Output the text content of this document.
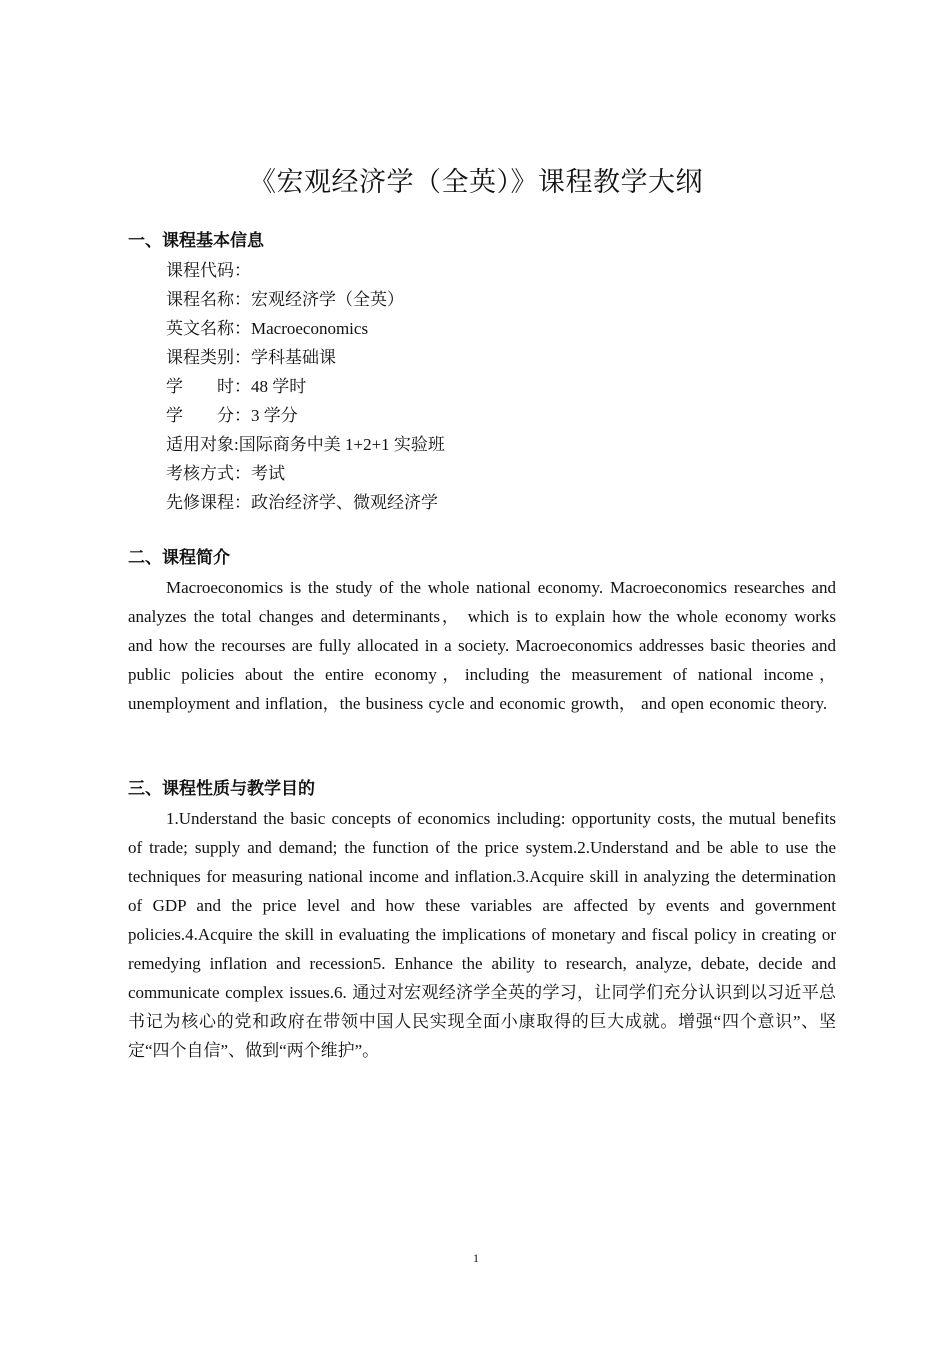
《宏观经济学（全英）》课程教学大纲
一、课程基本信息
课程代码：
课程名称：宏观经济学（全英）
英文名称：Macroeconomics
课程类别：学科基础课
学　　时：48 学时
学　　分：3 学分
适用对象:国际商务中美 1+2+1 实验班
考核方式：考试
先修课程：政治经济学、微观经济学
二、课程简介

Macroeconomics is the study of the whole national economy. Macroeconomics researches and analyzes the total changes and determinants， which is to explain how the whole economy works and how the recourses are fully allocated in a society. Macroeconomics addresses basic theories and public policies about the entire economy，including the measurement of national income，unemployment and inflation，the business cycle and economic growth， and open economic theory.

三、课程性质与教学目的

1.Understand the basic concepts of economics including: opportunity costs, the mutual benefits of trade; supply and demand; the function of the price system.2.Understand and be able to use the techniques for measuring national income and inflation.3.Acquire skill in analyzing the determination of GDP and the price level and how these variables are affected by events and government policies.4.Acquire the skill in evaluating the implications of monetary and fiscal policy in creating or remedying inflation and recession5. Enhance the ability to research, analyze, debate, decide and communicate complex issues.6. 通过对宏观经济学全英的学习，让同学们充分认识到以习近平总书记为核心的党和政府在带领中国人民实现全面小康取得的巨大成就。增强“四个意识”、坚定“四个自信”、做到“两个维护”。

1
